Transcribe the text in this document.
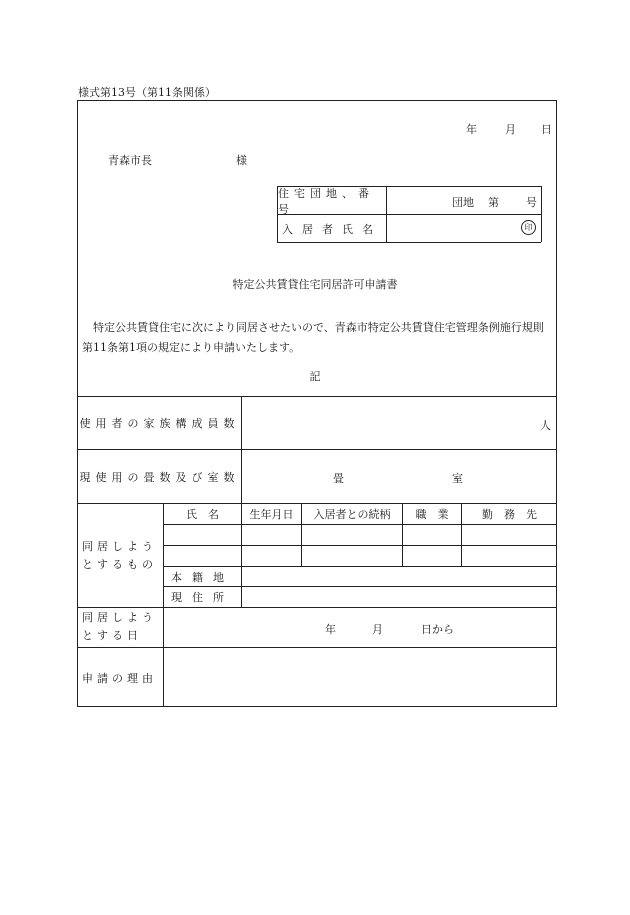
様式第13号（第11条関係）
年	月 日
青森市長	様
住宅団地、番号	団地 第 号
入居者氏名	印
特定公共賃貸住宅同居許可申請書
特定公共賃貸住宅に次により同居させたいので、青森市特定公共賃貸住宅管理条例施行規則第11条第1項の規定により申請いたします。
記
使用者の家族構成員数	人
現使用の畳数及び室数	畳	室
同居しようとするもの
氏　名	生年月日	入居者との続柄	職　業	勤　務　先
本籍地
現住所
同居しようとする日	年	月	日から
申請の理由
